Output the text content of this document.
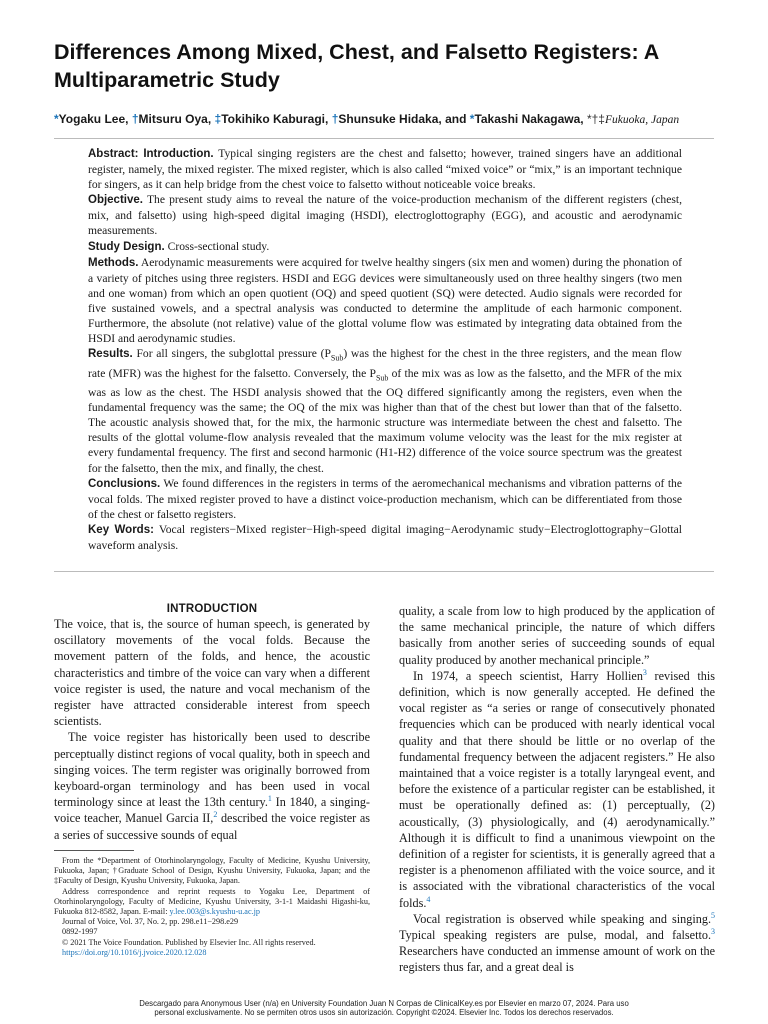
Differences Among Mixed, Chest, and Falsetto Registers: A Multiparametric Study
*Yogaku Lee, †Mitsuru Oya, ‡Tokihiko Kaburagi, †Shunsuke Hidaka, and *Takashi Nakagawa, *†‡Fukuoka, Japan

Abstract: Introduction. Typical singing registers are the chest and falsetto; however, trained singers have an additional register, namely, the mixed register. The mixed register, which is also called “mixed voice” or “mix,” is an important technique for singers, as it can help bridge from the chest voice to falsetto without noticeable voice breaks.

Objective. The present study aims to reveal the nature of the voice-production mechanism of the different registers (chest, mix, and falsetto) using high-speed digital imaging (HSDI), electroglottography (EGG), and acoustic and aerodynamic measurements.

Study Design. Cross-sectional study.

Methods. Aerodynamic measurements were acquired for twelve healthy singers (six men and women) during the phonation of a variety of pitches using three registers. HSDI and EGG devices were simultaneously used on three healthy singers (two men and one woman) from which an open quotient (OQ) and speed quotient (SQ) were detected. Audio signals were recorded for five sustained vowels, and a spectral analysis was conducted to determine the amplitude of each harmonic component. Furthermore, the absolute (not relative) value of the glottal volume flow was estimated by integrating data obtained from the HSDI and aerodynamic studies.

Results. For all singers, the subglottal pressure $(P_{Sub})$ was the highest for the chest in the three registers, and the mean flow rate (MFR) was the highest for the falsetto. Conversely, the $P_{Sub}$ of the mix was as low as the falsetto, and the MFR of the mix was as low as the chest. The HSDI analysis showed that the OQ differed significantly among the registers, even when the fundamental frequency was the same; the OQ of the mix was higher than that of the chest but lower than that of the falsetto. The acoustic analysis showed that, for the mix, the harmonic structure was intermediate between the chest and falsetto. The results of the glottal volume-flow analysis revealed that the maximum volume velocity was the least for the mix register at every fundamental frequency. The first and second harmonic (H1-H2) difference of the voice source spectrum was the greatest for the falsetto, then the mix, and finally, the chest.

Conclusions. We found differences in the registers in terms of the aeromechanical mechanisms and vibration patterns of the vocal folds. The mixed register proved to have a distinct voice-production mechanism, which can be differentiated from those of the chest or falsetto registers.

Key Words: Vocal registers−Mixed register−High-speed digital imaging−Aerodynamic study−Electroglottography−Glottal waveform analysis.

INTRODUCTION

The voice, that is, the source of human speech, is generated by oscillatory movements of the vocal folds. Because the movement pattern of the folds, and hence, the acoustic characteristics and timbre of the voice can vary when a different voice register is used, the nature and vocal mechanism of the register have attracted considerable interest from speech scientists.

The voice register has historically been used to describe perceptually distinct regions of vocal quality, both in speech and singing voices. The term register was originally borrowed from keyboard-organ terminology and has been used in vocal terminology since at least the 13th century.$^1$ In 1840, a singing-voice teacher, Manuel Garcia II,$^2$ described the voice register as a series of successive sounds of equal

From the *Department of Otorhinolaryngology, Faculty of Medicine, Kyushu University, Fukuoka, Japan; †Graduate School of Design, Kyushu University, Fukuoka, Japan; and the ‡Faculty of Design, Kyushu University, Fukuoka, Japan.

Address correspondence and reprint requests to Yogaku Lee, Department of Otorhinolaryngology, Faculty of Medicine, Kyushu University, 3-1-1 Maidashi Higashi-ku, Fukuoka 812-8582, Japan. E-mail: y.lee.003@s.kyushu-u.ac.jp

Journal of Voice, Vol. 37, No. 2, pp. 298.e11−298.e29

0892-1997

© 2021 The Voice Foundation. Published by Elsevier Inc. All rights reserved.

https://doi.org/10.1016/j.jvoice.2020.12.028

quality, a scale from low to high produced by the application of the same mechanical principle, the nature of which differs basically from another series of succeeding sounds of equal quality produced by another mechanical principle.”

In 1974, a speech scientist, Harry Hollien$^3$ revised this definition, which is now generally accepted. He defined the vocal register as “a series or range of consecutively phonated frequencies which can be produced with nearly identical vocal quality and that there should be little or no overlap of the fundamental frequency between the adjacent registers.” He also maintained that a voice register is a totally laryngeal event, and before the existence of a particular register can be established, it must be operationally defined as: (1) perceptually, (2) acoustically, (3) physiologically, and (4) aerodynamically.” Although it is difficult to find a unanimous viewpoint on the definition of a register for scientists, it is generally agreed that a register is a phenomenon affiliated with the voice source, and it is associated with the vibrational characteristics of the vocal folds.$^4$

Vocal registration is observed while speaking and singing.$^5$ Typical speaking registers are pulse, modal, and falsetto.$^3$ Researchers have conducted an immense amount of work on the registers thus far, and a great deal is

Descargado para Anonymous User (n/a) en University Foundation Juan N Corpas de ClinicalKey.es por Elsevier en marzo 07, 2024. Para uso
personal exclusivamente. No se permiten otros usos sin autorización. Copyright ©2024. Elsevier Inc. Todos los derechos reservados.
